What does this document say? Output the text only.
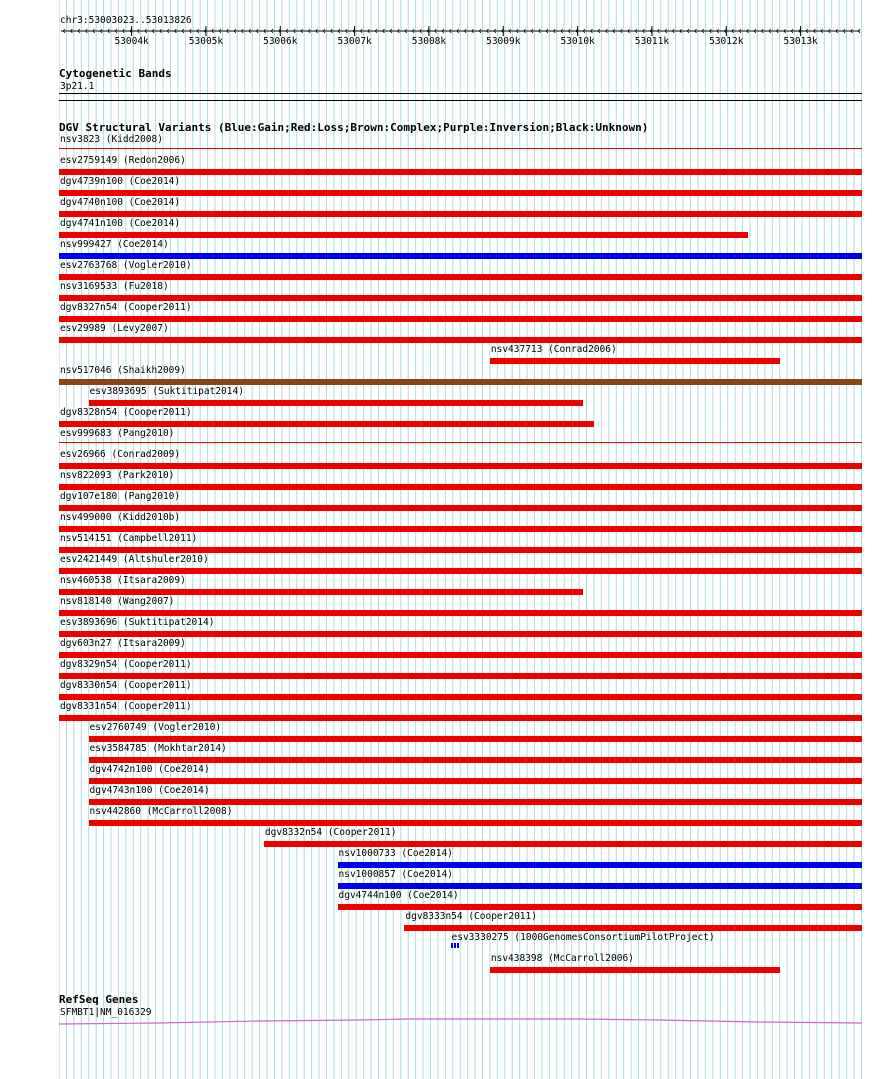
53004k	53005k	53006k	53007k	53008k	53009k	53010k	53011k	53012k	53013k
chr3:53003023..53013826
Cytogenetic Bands
3p21.1
DGV Structural Variants (Blue:Gain;Red:Loss;Brown:Complex;Purple:Inversion;Black:Unknown)
nsv3823 (Kidd2008)
esv2759149 (Redon2006)
dgv4739n100 (Coe2014)
dgv4740n100 (Coe2014)
dgv4741n100 (Coe2014)
nsv999427 (Coe2014)
esv2763768 (Vogler2010)
nsv3169533 (Fu2018)
dgv8327n54 (Cooper2011)
esv29989 (Levy2007)
nsv437713 (Conrad2006)
nsv517046 (Shaikh2009)
esv3893695 (Suktitipat2014)
dgv8328n54 (Cooper2011)
esv999683 (Pang2010)
esv26966 (Conrad2009)
nsv822093 (Park2010)
dgv107e180 (Pang2010)
nsv499000 (Kidd2010b)
nsv514151 (Campbell2011)
esv2421449 (Altshuler2010)
nsv460538 (Itsara2009)
nsv818140 (Wang2007)
esv3893696 (Suktitipat2014)
dgv603n27 (Itsara2009)
dgv8329n54 (Cooper2011)
dgv8330n54 (Cooper2011)
dgv8331n54 (Cooper2011)
esv2760749 (Vogler2010)
esv3584785 (Mokhtar2014)
dgv4742n100 (Coe2014)
dgv4743n100 (Coe2014)
nsv442860 (McCarroll2008)
dgv8332n54 (Cooper2011)
nsv1000733 (Coe2014)
nsv1000857 (Coe2014)
dgv4744n100 (Coe2014)
dgv8333n54 (Cooper2011)
esv3330275 (1000GenomesConsortiumPilotProject)
nsv438398 (McCarroll2006)
RefSeq Genes
SFMBT1|NM_016329
